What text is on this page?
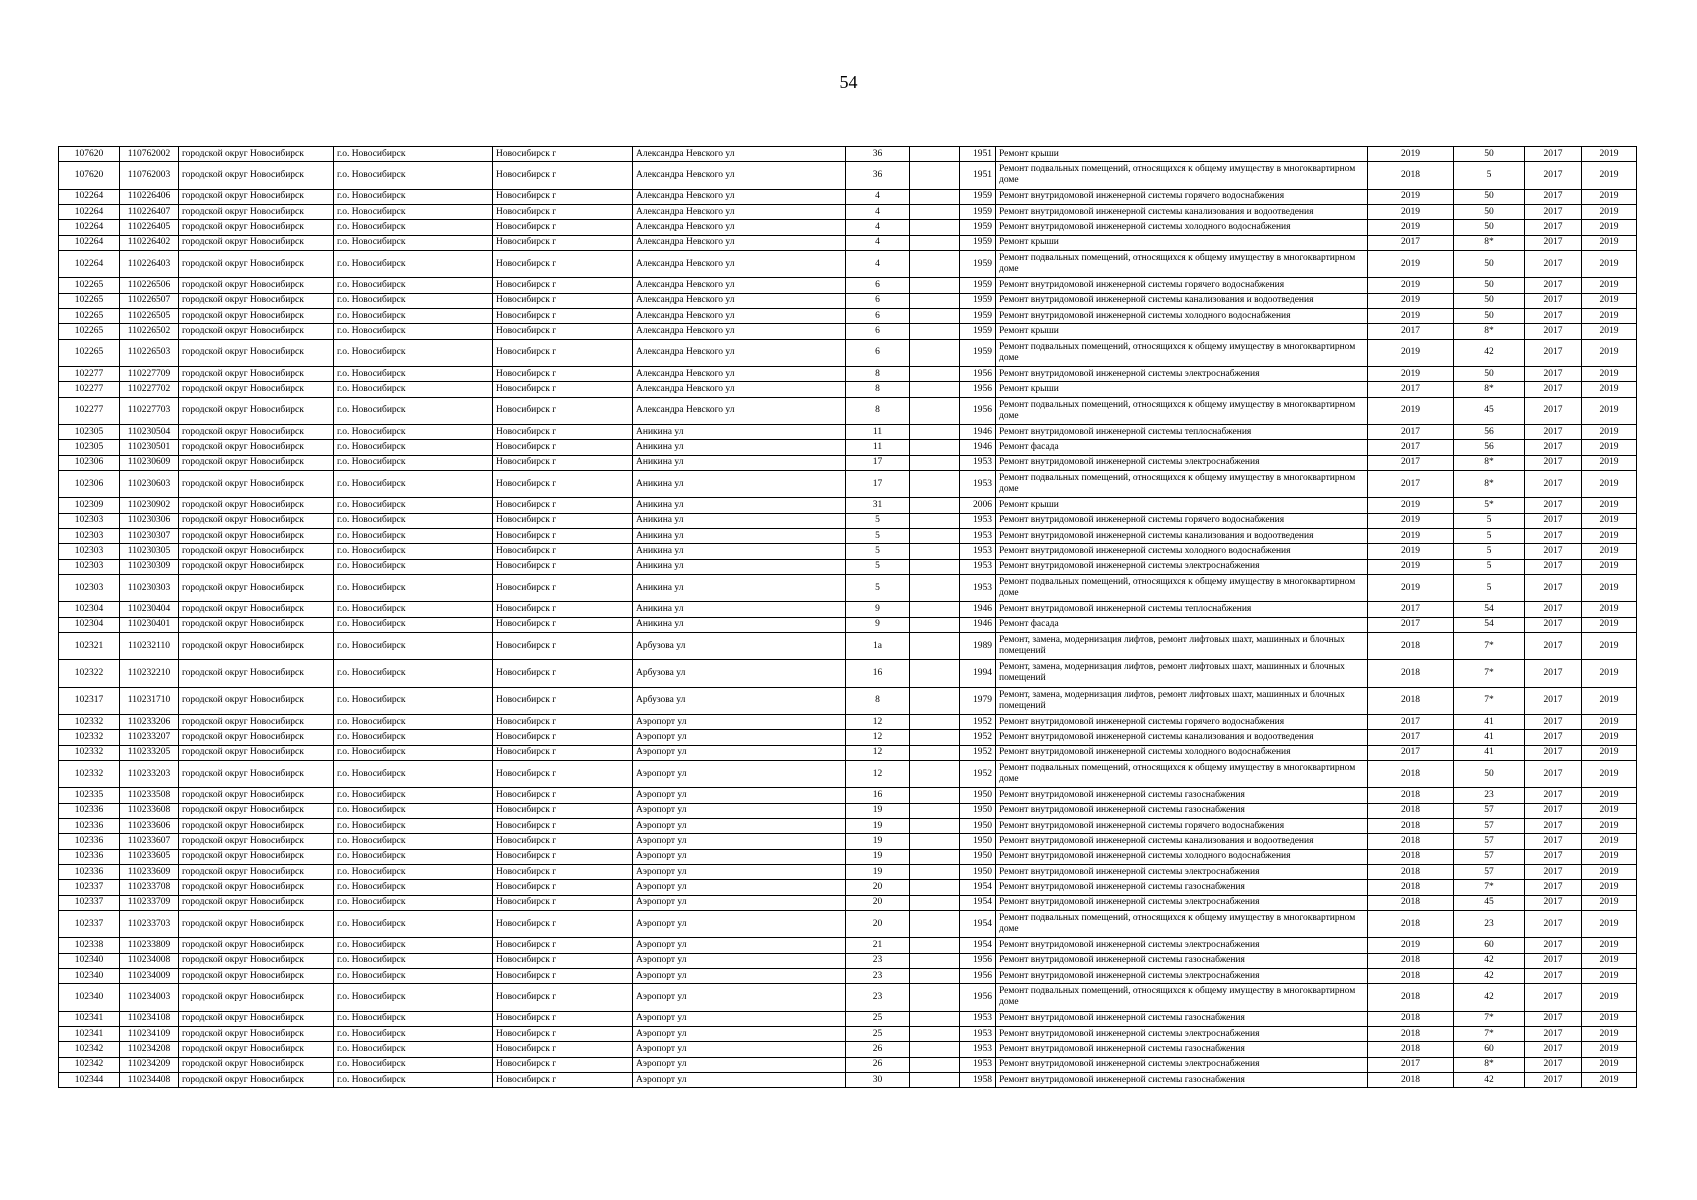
54
107620	110762002	городской округ Новосибирск	г.о. Новосибирск	Новосибирск г	Александра Невского ул	36		1951	Ремонт крыши	2019	50	2017	2019
107620	110762003	городской округ Новосибирск	г.о. Новосибирск	Новосибирск г	Александра Невского ул	36		1951	Ремонт подвальных помещений, относящихся к общему имуществу в многоквартирном доме	2018	5	2017	2019
102264	110226406	городской округ Новосибирск	г.о. Новосибирск	Новосибирск г	Александра Невского ул	4		1959	Ремонт внутридомовой инженерной системы горячего водоснабжения	2019	50	2017	2019
102264	110226407	городской округ Новосибирск	г.о. Новосибирск	Новосибирск г	Александра Невского ул	4		1959	Ремонт внутридомовой инженерной системы канализования и водоотведения	2019	50	2017	2019
102264	110226405	городской округ Новосибирск	г.о. Новосибирск	Новосибирск г	Александра Невского ул	4		1959	Ремонт внутридомовой инженерной системы холодного водоснабжения	2019	50	2017	2019
102264	110226402	городской округ Новосибирск	г.о. Новосибирск	Новосибирск г	Александра Невского ул	4		1959	Ремонт крыши	2017	8*	2017	2019
102264	110226403	городской округ Новосибирск	г.о. Новосибирск	Новосибирск г	Александра Невского ул	4		1959	Ремонт подвальных помещений, относящихся к общему имуществу в многоквартирном доме	2019	50	2017	2019
102265	110226506	городской округ Новосибирск	г.о. Новосибирск	Новосибирск г	Александра Невского ул	6		1959	Ремонт внутридомовой инженерной системы горячего водоснабжения	2019	50	2017	2019
102265	110226507	городской округ Новосибирск	г.о. Новосибирск	Новосибирск г	Александра Невского ул	6		1959	Ремонт внутридомовой инженерной системы канализования и водоотведения	2019	50	2017	2019
102265	110226505	городской округ Новосибирск	г.о. Новосибирск	Новосибирск г	Александра Невского ул	6		1959	Ремонт внутридомовой инженерной системы холодного водоснабжения	2019	50	2017	2019
102265	110226502	городской округ Новосибирск	г.о. Новосибирск	Новосибирск г	Александра Невского ул	6		1959	Ремонт крыши	2017	8*	2017	2019
102265	110226503	городской округ Новосибирск	г.о. Новосибирск	Новосибирск г	Александра Невского ул	6		1959	Ремонт подвальных помещений, относящихся к общему имуществу в многоквартирном доме	2019	42	2017	2019
102277	110227709	городской округ Новосибирск	г.о. Новосибирск	Новосибирск г	Александра Невского ул	8		1956	Ремонт внутридомовой инженерной системы электроснабжения	2019	50	2017	2019
102277	110227702	городской округ Новосибирск	г.о. Новосибирск	Новосибирск г	Александра Невского ул	8		1956	Ремонт крыши	2017	8*	2017	2019
102277	110227703	городской округ Новосибирск	г.о. Новосибирск	Новосибирск г	Александра Невского ул	8		1956	Ремонт подвальных помещений, относящихся к общему имуществу в многоквартирном доме	2019	45	2017	2019
102305	110230504	городской округ Новосибирск	г.о. Новосибирск	Новосибирск г	Аникина ул	11		1946	Ремонт внутридомовой инженерной системы теплоснабжения	2017	56	2017	2019
102305	110230501	городской округ Новосибирск	г.о. Новосибирск	Новосибирск г	Аникина ул	11		1946	Ремонт фасада	2017	56	2017	2019
102306	110230609	городской округ Новосибирск	г.о. Новосибирск	Новосибирск г	Аникина ул	17		1953	Ремонт внутридомовой инженерной системы электроснабжения	2017	8*	2017	2019
102306	110230603	городской округ Новосибирск	г.о. Новосибирск	Новосибирск г	Аникина ул	17		1953	Ремонт подвальных помещений, относящихся к общему имуществу в многоквартирном доме	2017	8*	2017	2019
102309	110230902	городской округ Новосибирск	г.о. Новосибирск	Новосибирск г	Аникина ул	31		2006	Ремонт крыши	2019	5*	2017	2019
102303	110230306	городской округ Новосибирск	г.о. Новосибирск	Новосибирск г	Аникина ул	5		1953	Ремонт внутридомовой инженерной системы горячего водоснабжения	2019	5	2017	2019
102303	110230307	городской округ Новосибирск	г.о. Новосибирск	Новосибирск г	Аникина ул	5		1953	Ремонт внутридомовой инженерной системы канализования и водоотведения	2019	5	2017	2019
102303	110230305	городской округ Новосибирск	г.о. Новосибирск	Новосибирск г	Аникина ул	5		1953	Ремонт внутридомовой инженерной системы холодного водоснабжения	2019	5	2017	2019
102303	110230309	городской округ Новосибирск	г.о. Новосибирск	Новосибирск г	Аникина ул	5		1953	Ремонт внутридомовой инженерной системы электроснабжения	2019	5	2017	2019
102303	110230303	городской округ Новосибирск	г.о. Новосибирск	Новосибирск г	Аникина ул	5		1953	Ремонт подвальных помещений, относящихся к общему имуществу в многоквартирном доме	2019	5	2017	2019
102304	110230404	городской округ Новосибирск	г.о. Новосибирск	Новосибирск г	Аникина ул	9		1946	Ремонт внутридомовой инженерной системы теплоснабжения	2017	54	2017	2019
102304	110230401	городской округ Новосибирск	г.о. Новосибирск	Новосибирск г	Аникина ул	9		1946	Ремонт фасада	2017	54	2017	2019
102321	110232110	городской округ Новосибирск	г.о. Новосибирск	Новосибирск г	Арбузова ул	1а		1989	Ремонт, замена, модернизация лифтов, ремонт лифтовых шахт, машинных и блочных помещений	2018	7*	2017	2019
102322	110232210	городской округ Новосибирск	г.о. Новосибирск	Новосибирск г	Арбузова ул	16		1994	Ремонт, замена, модернизация лифтов, ремонт лифтовых шахт, машинных и блочных помещений	2018	7*	2017	2019
102317	110231710	городской округ Новосибирск	г.о. Новосибирск	Новосибирск г	Арбузова ул	8		1979	Ремонт, замена, модернизация лифтов, ремонт лифтовых шахт, машинных и блочных помещений	2018	7*	2017	2019
102332	110233206	городской округ Новосибирск	г.о. Новосибирск	Новосибирск г	Аэропорт ул	12		1952	Ремонт внутридомовой инженерной системы горячего водоснабжения	2017	41	2017	2019
102332	110233207	городской округ Новосибирск	г.о. Новосибирск	Новосибирск г	Аэропорт ул	12		1952	Ремонт внутридомовой инженерной системы канализования и водоотведения	2017	41	2017	2019
102332	110233205	городской округ Новосибирск	г.о. Новосибирск	Новосибирск г	Аэропорт ул	12		1952	Ремонт внутридомовой инженерной системы холодного водоснабжения	2017	41	2017	2019
102332	110233203	городской округ Новосибирск	г.о. Новосибирск	Новосибирск г	Аэропорт ул	12		1952	Ремонт подвальных помещений, относящихся к общему имуществу в многоквартирном доме	2018	50	2017	2019
102335	110233508	городской округ Новосибирск	г.о. Новосибирск	Новосибирск г	Аэропорт ул	16		1950	Ремонт внутридомовой инженерной системы газоснабжения	2018	23	2017	2019
102336	110233608	городской округ Новосибирск	г.о. Новосибирск	Новосибирск г	Аэропорт ул	19		1950	Ремонт внутридомовой инженерной системы газоснабжения	2018	57	2017	2019
102336	110233606	городской округ Новосибирск	г.о. Новосибирск	Новосибирск г	Аэропорт ул	19		1950	Ремонт внутридомовой инженерной системы горячего водоснабжения	2018	57	2017	2019
102336	110233607	городской округ Новосибирск	г.о. Новосибирск	Новосибирск г	Аэропорт ул	19		1950	Ремонт внутридомовой инженерной системы канализования и водоотведения	2018	57	2017	2019
102336	110233605	городской округ Новосибирск	г.о. Новосибирск	Новосибирск г	Аэропорт ул	19		1950	Ремонт внутридомовой инженерной системы холодного водоснабжения	2018	57	2017	2019
102336	110233609	городской округ Новосибирск	г.о. Новосибирск	Новосибирск г	Аэропорт ул	19		1950	Ремонт внутридомовой инженерной системы электроснабжения	2018	57	2017	2019
102337	110233708	городской округ Новосибирск	г.о. Новосибирск	Новосибирск г	Аэропорт ул	20		1954	Ремонт внутридомовой инженерной системы газоснабжения	2018	7*	2017	2019
102337	110233709	городской округ Новосибирск	г.о. Новосибирск	Новосибирск г	Аэропорт ул	20		1954	Ремонт внутридомовой инженерной системы электроснабжения	2018	45	2017	2019
102337	110233703	городской округ Новосибирск	г.о. Новосибирск	Новосибирск г	Аэропорт ул	20		1954	Ремонт подвальных помещений, относящихся к общему имуществу в многоквартирном доме	2018	23	2017	2019
102338	110233809	городской округ Новосибирск	г.о. Новосибирск	Новосибирск г	Аэропорт ул	21		1954	Ремонт внутридомовой инженерной системы электроснабжения	2019	60	2017	2019
102340	110234008	городской округ Новосибирск	г.о. Новосибирск	Новосибирск г	Аэропорт ул	23		1956	Ремонт внутридомовой инженерной системы газоснабжения	2018	42	2017	2019
102340	110234009	городской округ Новосибирск	г.о. Новосибирск	Новосибирск г	Аэропорт ул	23		1956	Ремонт внутридомовой инженерной системы электроснабжения	2018	42	2017	2019
102340	110234003	городской округ Новосибирск	г.о. Новосибирск	Новосибирск г	Аэропорт ул	23		1956	Ремонт подвальных помещений, относящихся к общему имуществу в многоквартирном доме	2018	42	2017	2019
102341	110234108	городской округ Новосибирск	г.о. Новосибирск	Новосибирск г	Аэропорт ул	25		1953	Ремонт внутридомовой инженерной системы газоснабжения	2018	7*	2017	2019
102341	110234109	городской округ Новосибирск	г.о. Новосибирск	Новосибирск г	Аэропорт ул	25		1953	Ремонт внутридомовой инженерной системы электроснабжения	2018	7*	2017	2019
102342	110234208	городской округ Новосибирск	г.о. Новосибирск	Новосибирск г	Аэропорт ул	26		1953	Ремонт внутридомовой инженерной системы газоснабжения	2018	60	2017	2019
102342	110234209	городской округ Новосибирск	г.о. Новосибирск	Новосибирск г	Аэропорт ул	26		1953	Ремонт внутридомовой инженерной системы электроснабжения	2017	8*	2017	2019
102344	110234408	городской округ Новосибирск	г.о. Новосибирск	Новосибирск г	Аэропорт ул	30		1958	Ремонт внутридомовой инженерной системы газоснабжения	2018	42	2017	2019
